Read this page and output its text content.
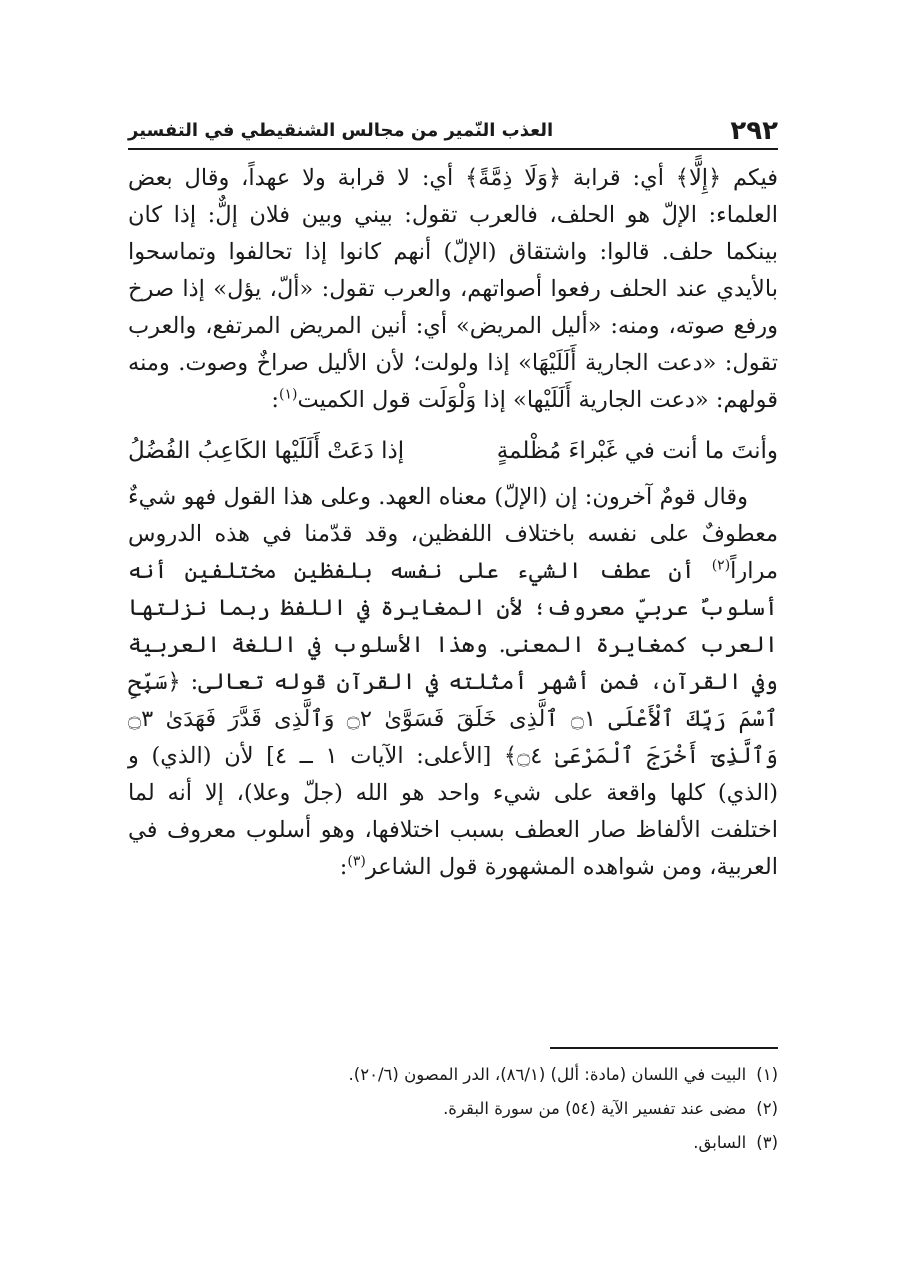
٢٩٢
العذب النّمير من مجالس الشنقيطي في التفسير

فيكم ﴿إِلًّا﴾ أي: قرابة ﴿وَلَا ذِمَّةً﴾ أي: لا قرابة ولا عهداً، وقال بعض العلماء: الإلّ هو الحلف، فالعرب تقول: بيني وبين فلان إلٌّ: إذا كان بينكما حلف. قالوا: واشتقاق (الإلّ) أنهم كانوا إذا تحالفوا وتماسحوا بالأيدي عند الحلف رفعوا أصواتهم، والعرب تقول: «ألّ، يؤل» إذا صرخ ورفع صوته، ومنه: «أليل المريض» أي: أنين المريض المرتفع، والعرب تقول: «دعت الجارية أَلَلَيْهَا» إذا ولولت؛ لأن الأليل صراخٌ وصوت. ومنه قولهم: «دعت الجارية أَلَلَيْها» إذا وَلْوَلَت قول الكميت$^{(١)}$:

وأنتَ ما أنت في غَبْراءَ مُظْلمةٍ
إذا دَعَتْ أَلَلَيْها الكَاعِبُ الفُضُلُ

وقال قومٌ آخرون: إن (الإلّ) معناه العهد. وعلى هذا القول فهو شيءٌ معطوفٌ على نفسه باختلاف اللفظين، وقد قدّمنا في هذه الدروس مراراً$^{(٢)}$ أن عطف الشيء على نفسه بلفظين مختلفين أنه أسلوبٌ عربيّ معروف؛ لأن المغايرة في اللفظ ربما نزلتها العرب كمغايرة المعنى. وهذا الأسلوب في اللغة العربية وفي القرآن، فمن أشهر أمثلته في القرآن قوله تعالى: ﴿سَبِّحِ ٱسْمَ رَبِّكَ ٱلْأَعْلَى ۝١ ٱلَّذِى خَلَقَ فَسَوَّىٰ ۝٢ وَٱلَّذِى قَدَّرَ فَهَدَىٰ ۝٣ وَٱلَّذِىٓ أَخْرَجَ ٱلْمَرْعَىٰ ۝٤﴾ [الأعلى: الآيات ١ ــ ٤] لأن (الذي) و (الذي) كلها واقعة على شيء واحد هو الله (جلّ وعلا)، إلا أنه لما اختلفت الألفاظ صار العطف بسبب اختلافها، وهو أسلوب معروف في العربية، ومن شواهده المشهورة قول الشاعر$^{(٣)}$:

(١)البيت في اللسان (مادة: ألل) (٨٦/١)، الدر المصون (٢٠/٦).
(٢)مضى عند تفسير الآية (٥٤) من سورة البقرة.
(٣)السابق.
